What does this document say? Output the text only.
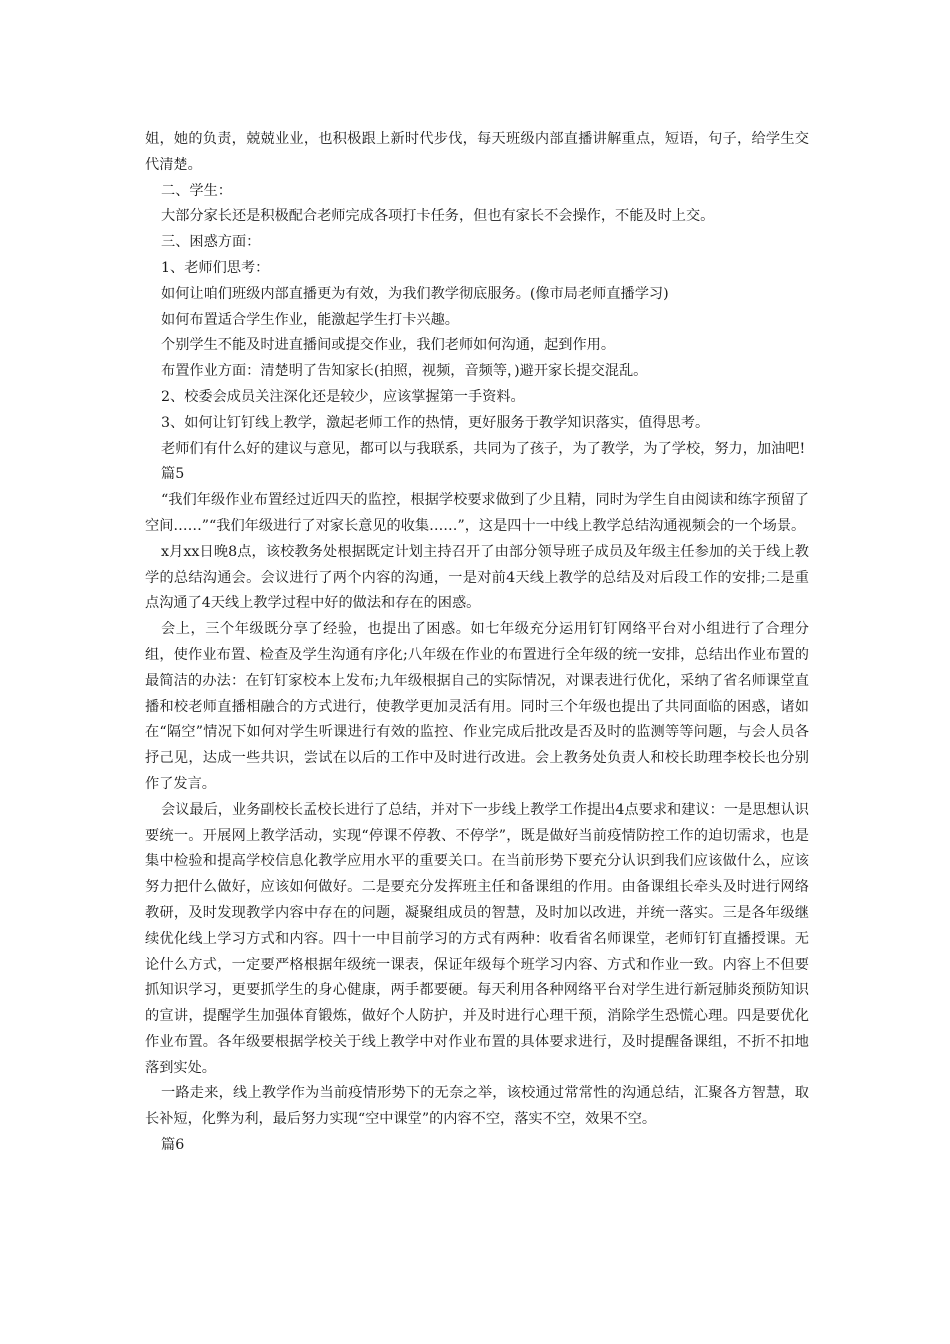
姐，她的负责，兢兢业业，也积极跟上新时代步伐，每天班级内部直播讲解重点，短语，句子，给学生交代清楚。

二、学生：

大部分家长还是积极配合老师完成各项打卡任务，但也有家长不会操作，不能及时上交。

三、困惑方面：

1、老师们思考：

如何让咱们班级内部直播更为有效，为我们教学彻底服务。(像市局老师直播学习)

如何布置适合学生作业，能激起学生打卡兴趣。

个别学生不能及时进直播间或提交作业，我们老师如何沟通，起到作用。

布置作业方面：清楚明了告知家长(拍照，视频，音频等，)避开家长提交混乱。

2、校委会成员关注深化还是较少，应该掌握第一手资料。

3、如何让钉钉线上教学，激起老师工作的热情，更好服务于教学知识落实，值得思考。

老师们有什么好的建议与意见，都可以与我联系，共同为了孩子，为了教学，为了学校，努力，加油吧!

篇5

“我们年级作业布置经过近四天的监控，根据学校要求做到了少且精，同时为学生自由阅读和练字预留了空间……”“我们年级进行了对家长意见的收集……”，这是四十一中线上教学总结沟通视频会的一个场景。

x月xx日晚8点，该校教务处根据既定计划主持召开了由部分领导班子成员及年级主任参加的关于线上教学的总结沟通会。会议进行了两个内容的沟通，一是对前4天线上教学的总结及对后段工作的安排;二是重点沟通了4天线上教学过程中好的做法和存在的困惑。

会上，三个年级既分享了经验，也提出了困惑。如七年级充分运用钉钉网络平台对小组进行了合理分组，使作业布置、检查及学生沟通有序化;八年级在作业的布置进行全年级的统一安排，总结出作业布置的最简洁的办法：在钉钉家校本上发布;九年级根据自己的实际情况，对课表进行优化，采纳了省名师课堂直播和校老师直播相融合的方式进行，使教学更加灵活有用。同时三个年级也提出了共同面临的困惑，诸如在“隔空”情况下如何对学生听课进行有效的监控、作业完成后批改是否及时的监测等等问题，与会人员各抒己见，达成一些共识，尝试在以后的工作中及时进行改进。会上教务处负责人和校长助理李校长也分别作了发言。

会议最后，业务副校长孟校长进行了总结，并对下一步线上教学工作提出4点要求和建议：一是思想认识要统一。开展网上教学活动，实现“停课不停教、不停学”，既是做好当前疫情防控工作的迫切需求，也是集中检验和提高学校信息化教学应用水平的重要关口。在当前形势下要充分认识到我们应该做什么，应该努力把什么做好，应该如何做好。二是要充分发挥班主任和备课组的作用。由备课组长牵头及时进行网络教研，及时发现教学内容中存在的问题，凝聚组成员的智慧，及时加以改进，并统一落实。三是各年级继续优化线上学习方式和内容。四十一中目前学习的方式有两种：收看省名师课堂，老师钉钉直播授课。无论什么方式，一定要严格根据年级统一课表，保证年级每个班学习内容、方式和作业一致。内容上不但要抓知识学习，更要抓学生的身心健康，两手都要硬。每天利用各种网络平台对学生进行新冠肺炎预防知识的宣讲，提醒学生加强体育锻炼，做好个人防护，并及时进行心理干预，消除学生恐慌心理。四是要优化作业布置。各年级要根据学校关于线上教学中对作业布置的具体要求进行，及时提醒备课组，不折不扣地落到实处。

一路走来，线上教学作为当前疫情形势下的无奈之举，该校通过常常性的沟通总结，汇聚各方智慧，取长补短，化弊为利，最后努力实现“空中课堂”的内容不空，落实不空，效果不空。

篇6
